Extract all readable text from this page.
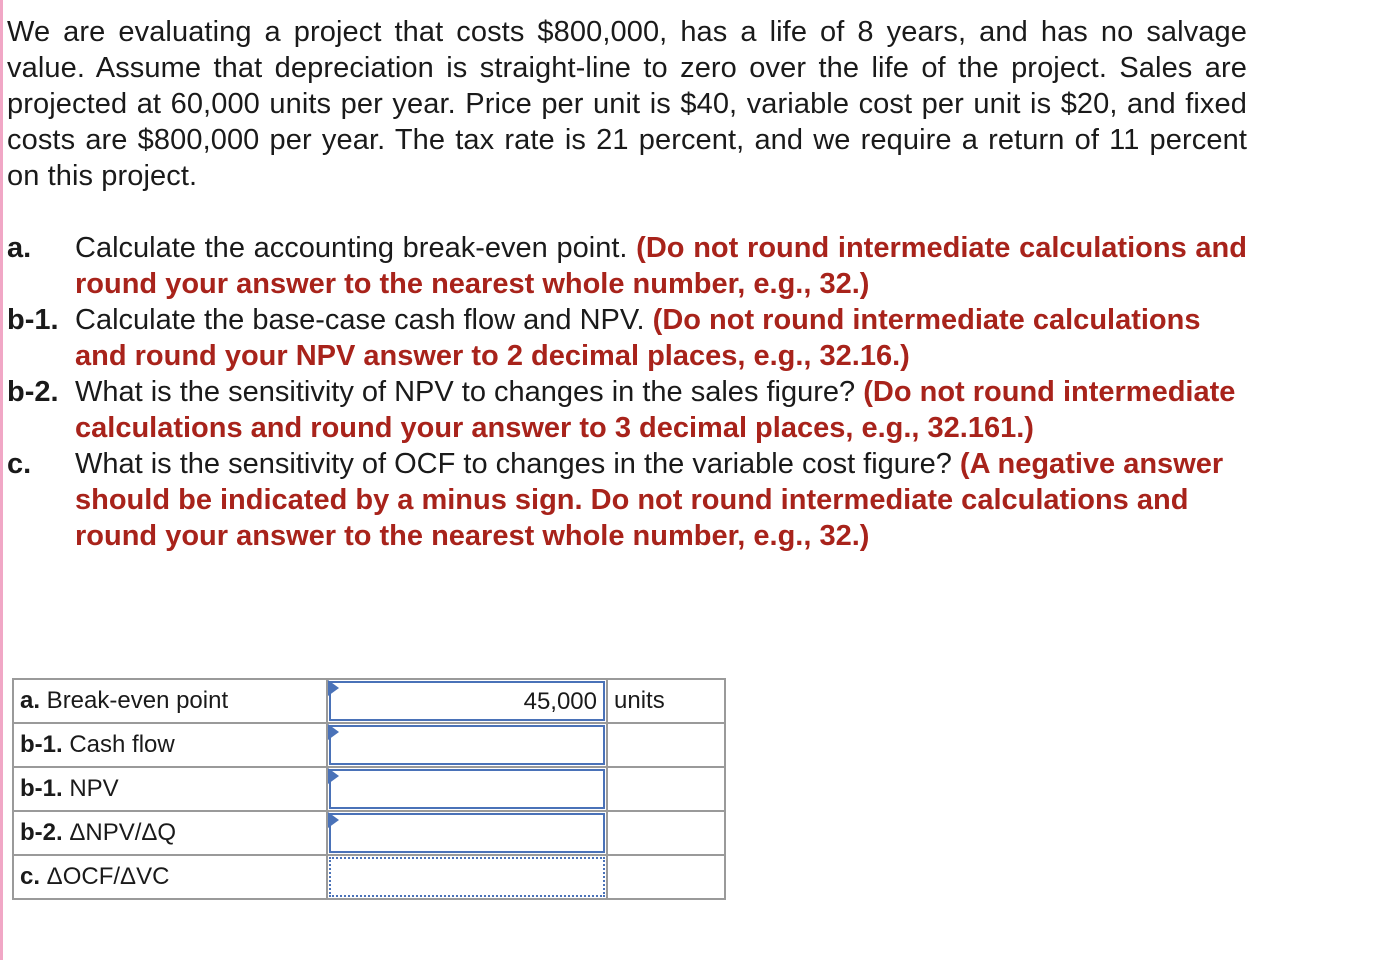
We are evaluating a project that costs $800,000, has a life of 8 years, and has no salvage value. Assume that depreciation is straight-line to zero over the life of the project. Sales are projected at 60,000 units per year. Price per unit is $40, variable cost per unit is $20, and fixed costs are $800,000 per year. The tax rate is 21 percent, and we require a return of 11 percent on this project.

a.	Calculate the accounting break-even point. (Do not round intermediate calculations and round your answer to the nearest whole number, e.g., 32.)
b-1. Calculate the base-case cash flow and NPV. (Do not round intermediate calculations and round your NPV answer to 2 decimal places, e.g., 32.16.)
b-2. What is the sensitivity of NPV to changes in the sales figure? (Do not round intermediate calculations and round your answer to 3 decimal places, e.g., 32.161.)
c.	What is the sensitivity of OCF to changes in the variable cost figure? (A negative answer should be indicated by a minus sign. Do not round intermediate calculations and round your answer to the nearest whole number, e.g., 32.)
a. Break-even point	45,000	units
b-1. Cash flow	

b-1. NPV	

b-2. ΔNPV/ΔQ	

c. ΔOCF/ΔVC	
